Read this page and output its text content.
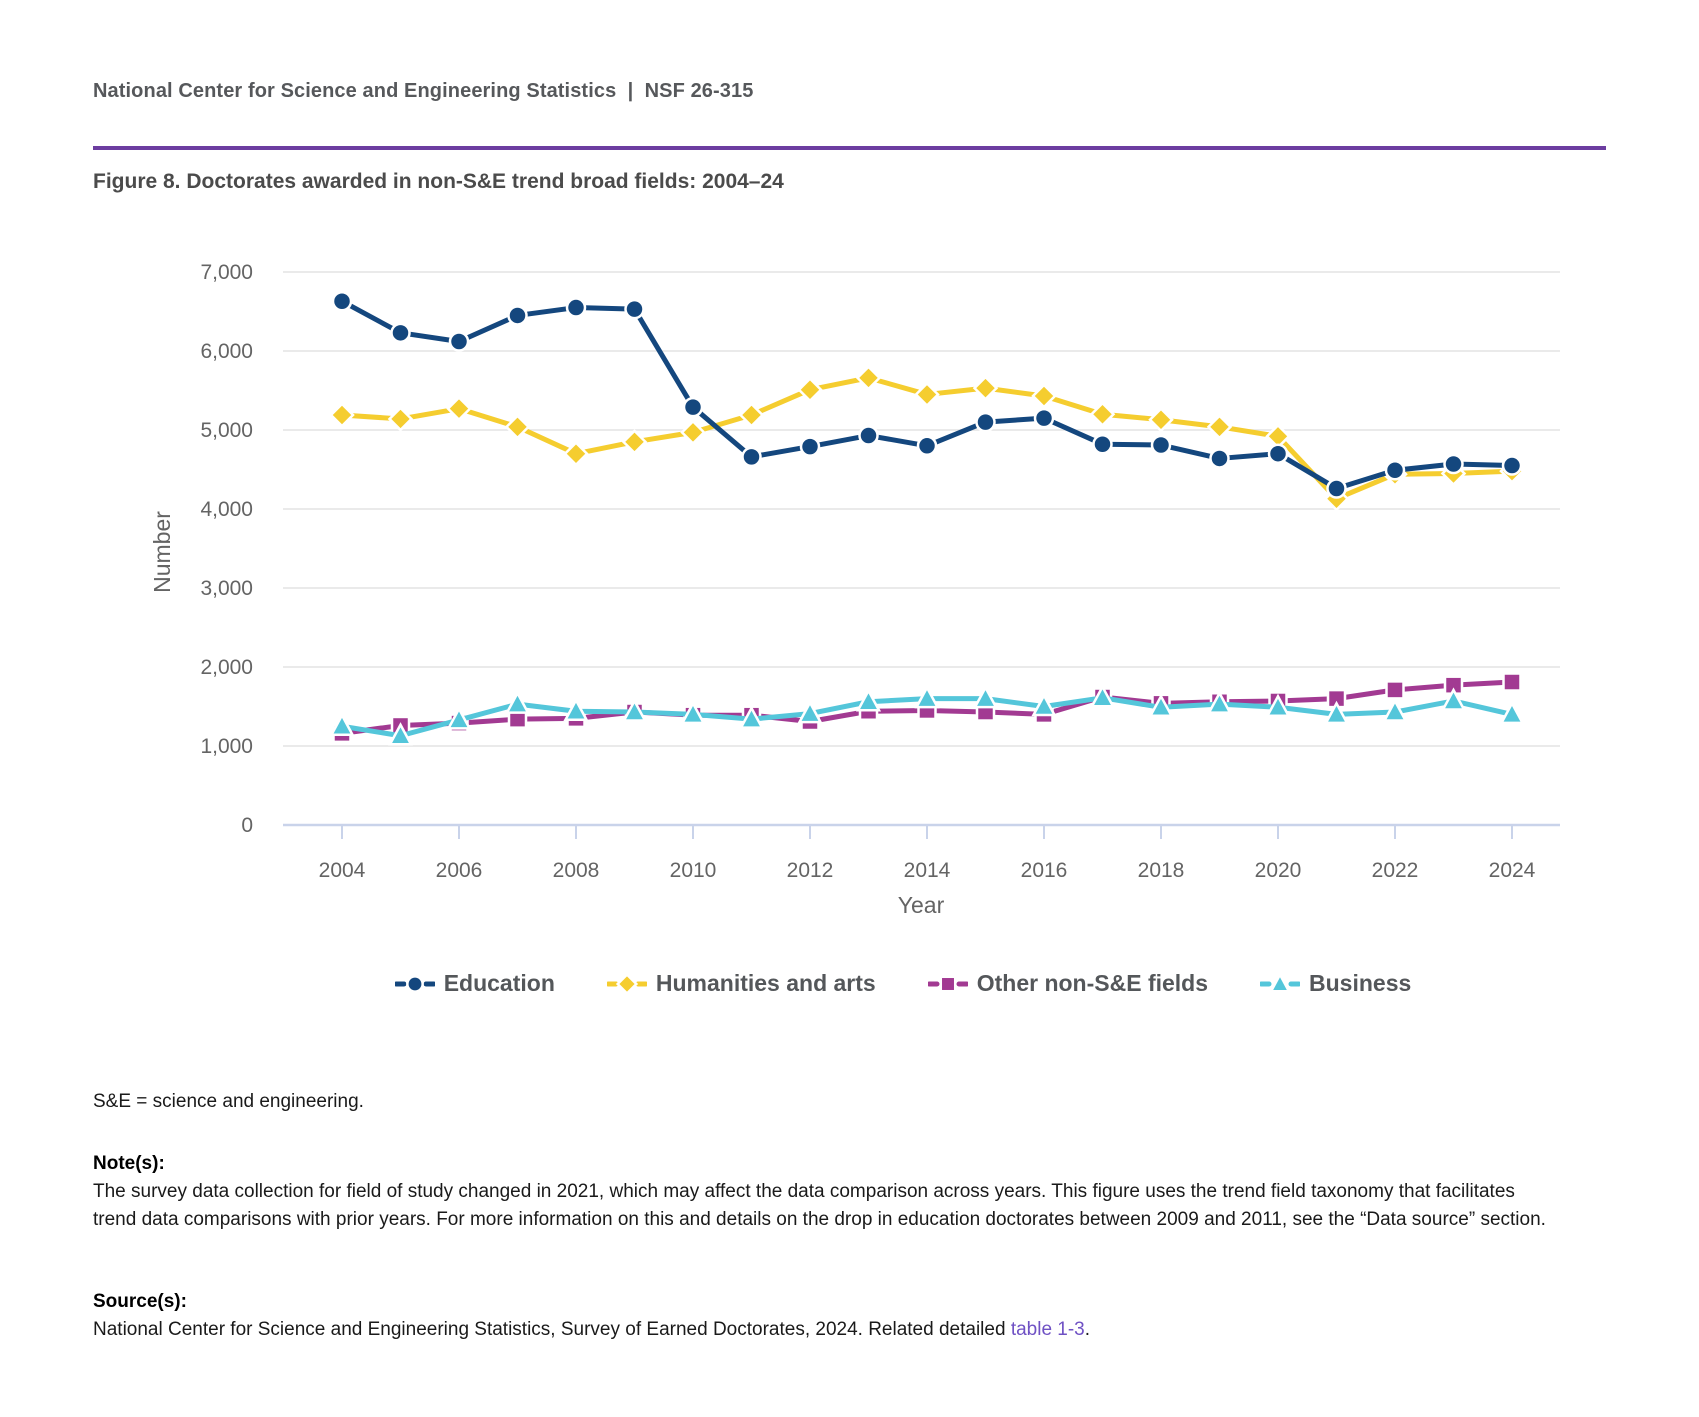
National Center for Science and Engineering Statistics  |  NSF 26-315
Figure 8. Doctorates awarded in non-S&E trend broad fields: 2004–24
2004	2006	2008	2010	2012	2014	2016	2018	2020	2022	2024
0
1,000
2,000
3,000
4,000
5,000
6,000
7,000
Number
Year
Education	Humanities and arts	Other non-S&E fields	Business
S&E = science and engineering.
Note(s):
The survey data collection for field of study changed in 2021, which may affect the data comparison across years. This figure uses the trend field taxonomy that facilitates trend data comparisons with prior years. For more information on this and details on the drop in education doctorates between 2009 and 2011, see the “Data source” section.
Source(s):
National Center for Science and Engineering Statistics, Survey of Earned Doctorates, 2024. Related detailed table 1-3.
